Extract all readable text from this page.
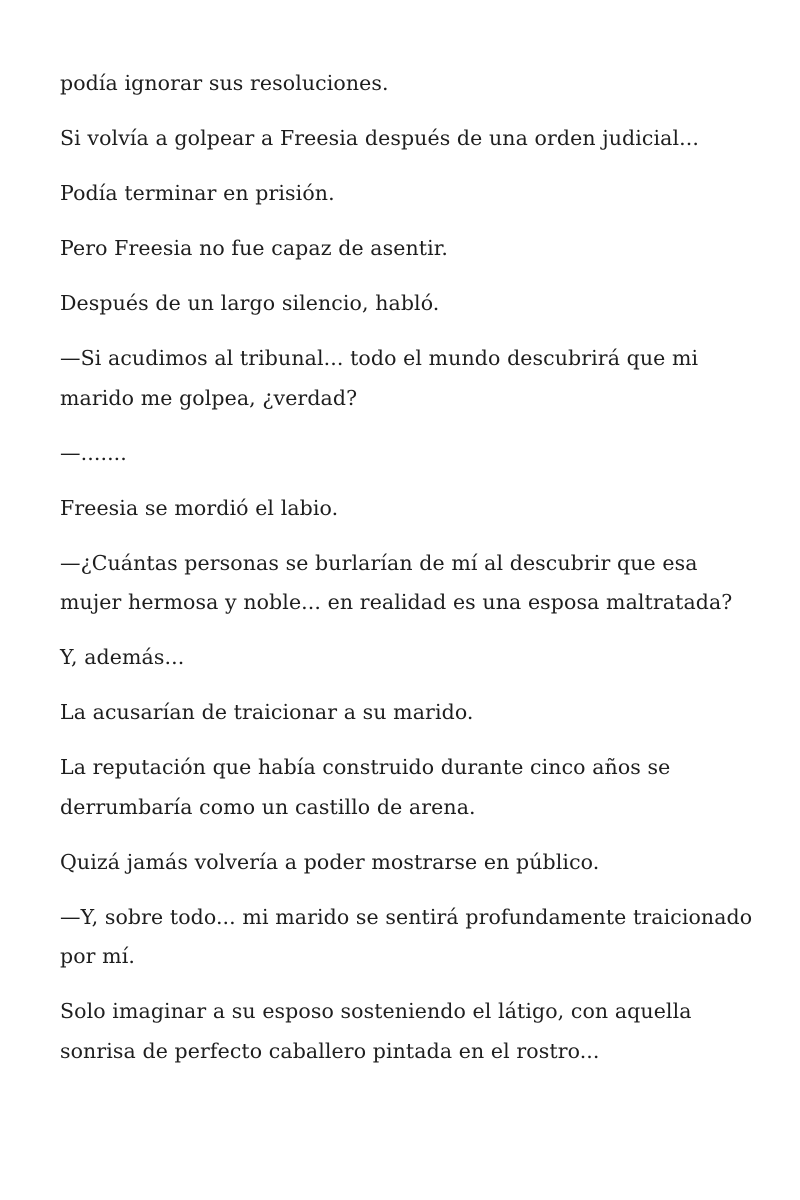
podía ignorar sus resoluciones.

Si volvía a golpear a Freesia después de una orden judicial...

Podía terminar en prisión.

Pero Freesia no fue capaz de asentir.

Después de un largo silencio, habló.

—Si acudimos al tribunal... todo el mundo descubrirá que mi marido me golpea, ¿verdad?

—.......

Freesia se mordió el labio.

—¿Cuántas personas se burlarían de mí al descubrir que esa mujer hermosa y noble... en realidad es una esposa maltratada?

Y, además...

La acusarían de traicionar a su marido.

La reputación que había construido durante cinco años se derrumbaría como un castillo de arena.

Quizá jamás volvería a poder mostrarse en público.

—Y, sobre todo... mi marido se sentirá profundamente traicionado por mí.

Solo imaginar a su esposo sosteniendo el látigo, con aquella sonrisa de perfecto caballero pintada en el rostro...
